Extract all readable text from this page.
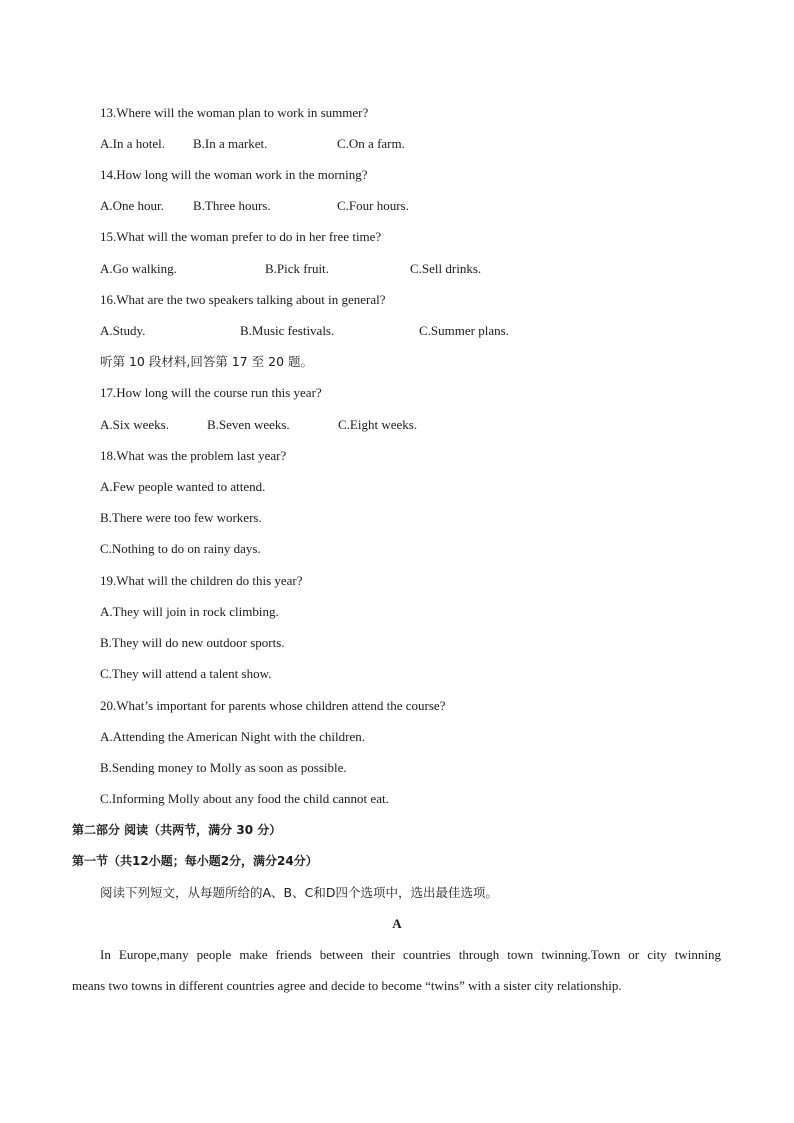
13.Where will the woman plan to work in summer?
A.In a hotel. B.In a market.	C.On a farm.
14.How long will the woman work in the morning?
A.One hour. B.Three hours.	C.Four hours.
15.What will the woman prefer to do in her free time?
A.Go walking.	B.Pick fruit.	C.Sell drinks.
16.What are the two speakers talking about in general?
A.Study.	B.Music festivals.	C.Summer plans.
听第 10 段材料,回答第 17 至 20 题。
17.How long will the course run this year?
A.Six weeks.	B.Seven weeks.	C.Eight weeks.
18.What was the problem last year?
A.Few people wanted to attend.
B.There were too few workers.
C.Nothing to do on rainy days.
19.What will the children do this year?
A.They will join in rock climbing.
B.They will do new outdoor sports.
C.They will attend a talent show.
20.What’s important for parents whose children attend the course?
A.Attending the American Night with the children.
B.Sending money to Molly as soon as possible.
C.Informing Molly about any food the child cannot eat.
第二部分 阅读（共两节，满分 30 分）
第一节（共12小题；每小题2分，满分24分）
阅读下列短文，从每题所给的A、B、C和D四个选项中，选出最佳选项。
A
In Europe,many people make friends between their countries through town twinning.Town or city twinning
means two towns in different countries agree and decide to become “twins” with a sister city relationship.
